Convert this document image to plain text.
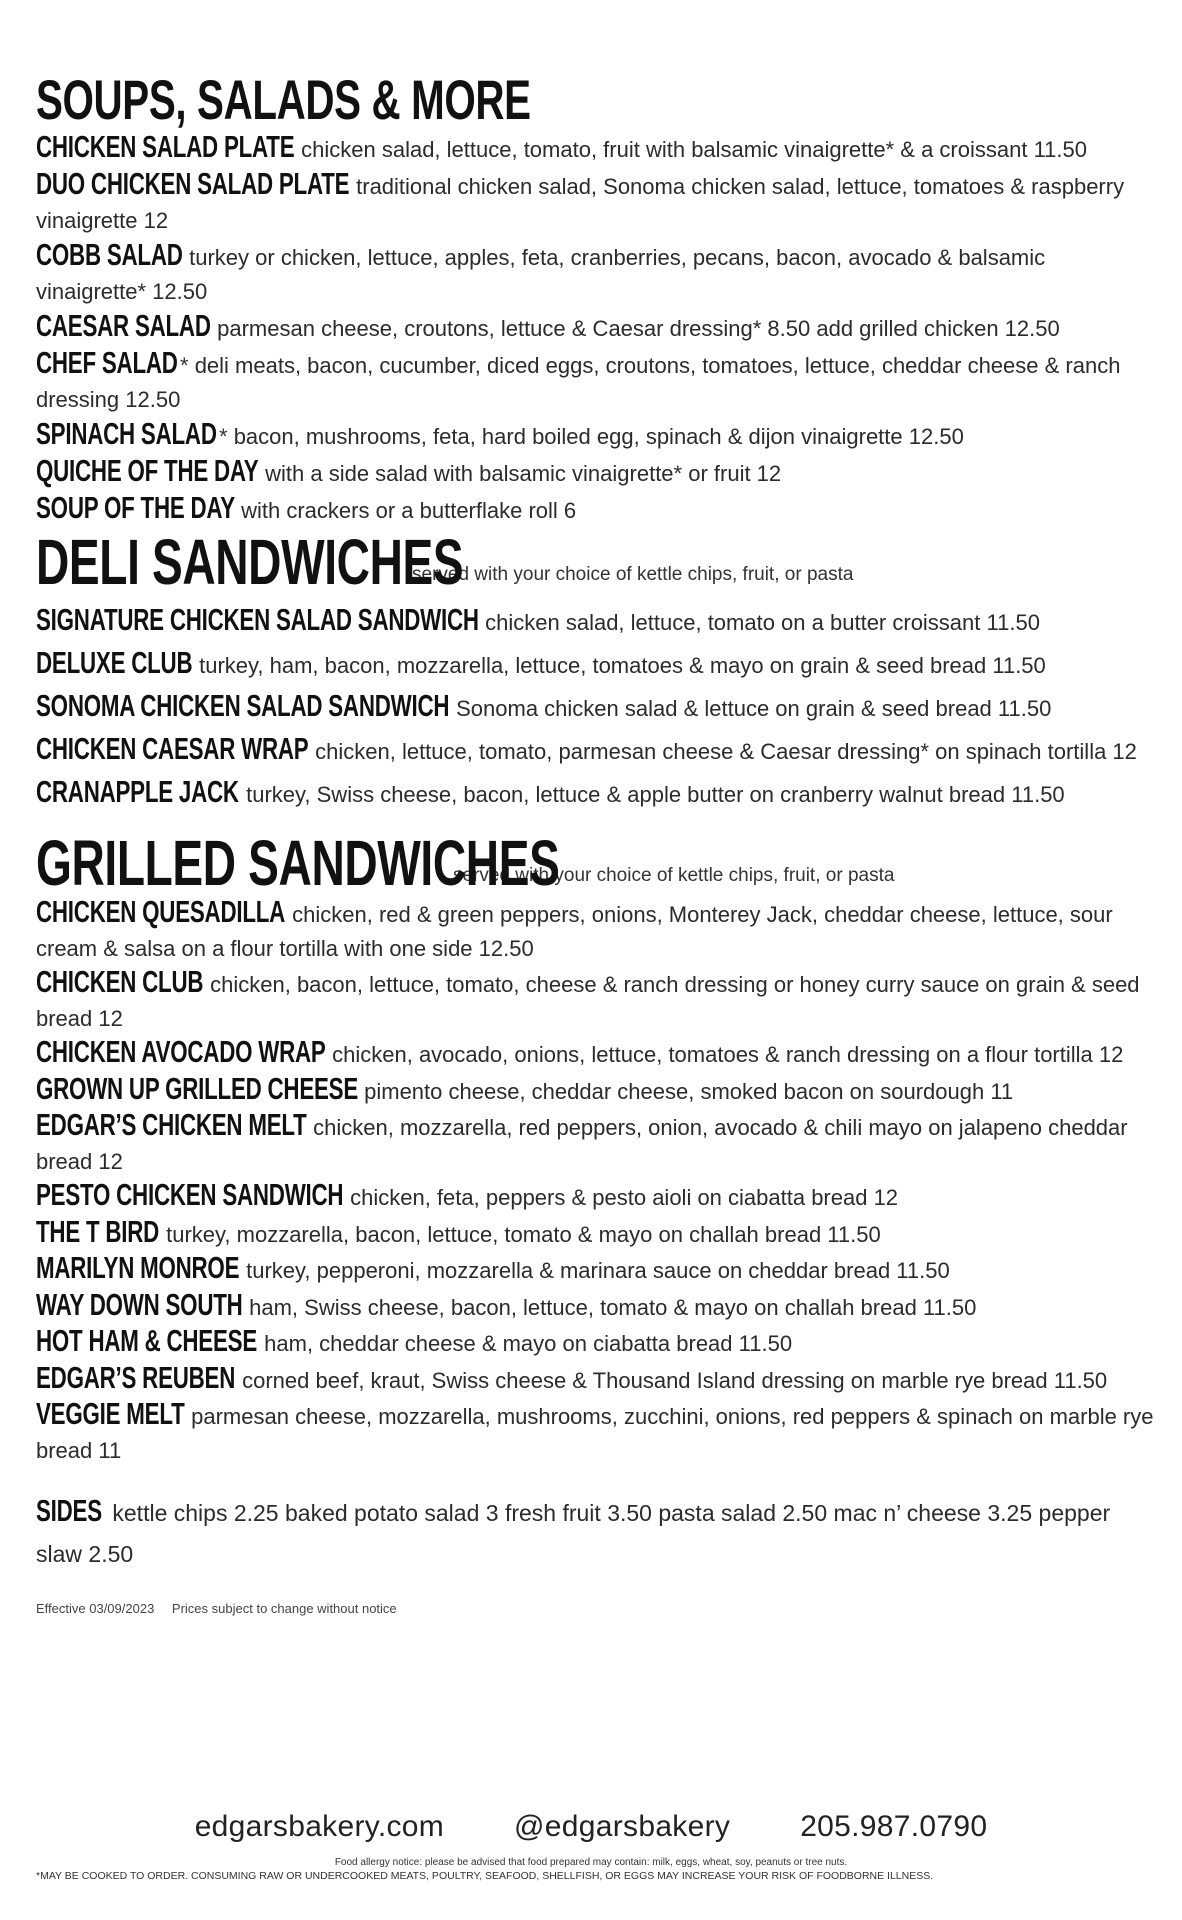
SOUPS, SALADS & MORE

CHICKEN SALAD PLATE chicken salad, lettuce, tomato, fruit with balsamic vinaigrette* & a croissant 11.50

DUO CHICKEN SALAD PLATE traditional chicken salad, Sonoma chicken salad, lettuce, tomatoes & raspberry vinaigrette 12

COBB SALAD turkey or chicken, lettuce, apples, feta, cranberries, pecans, bacon, avocado & balsamic vinaigrette* 12.50

CAESAR SALAD parmesan cheese, croutons, lettuce & Caesar dressing* 8.50 add grilled chicken 12.50

CHEF SALAD * deli meats, bacon, cucumber, diced eggs, croutons, tomatoes, lettuce, cheddar cheese & ranch dressing 12.50

SPINACH SALAD * bacon, mushrooms, feta, hard boiled egg, spinach & dijon vinaigrette 12.50

QUICHE OF THE DAY with a side salad with balsamic vinaigrette* or fruit 12

SOUP OF THE DAY with crackers or a butterflake roll 6

DELI SANDWICHES
served with your choice of kettle chips, fruit, or pasta

SIGNATURE CHICKEN SALAD SANDWICH chicken salad, lettuce, tomato on a butter croissant 11.50

DELUXE CLUB turkey, ham, bacon, mozzarella, lettuce, tomatoes & mayo on grain & seed bread 11.50

SONOMA CHICKEN SALAD SANDWICH Sonoma chicken salad & lettuce on grain & seed bread 11.50

CHICKEN CAESAR WRAP chicken, lettuce, tomato, parmesan cheese & Caesar dressing* on spinach tortilla 12

CRANAPPLE JACK turkey, Swiss cheese, bacon, lettuce & apple butter on cranberry walnut bread 11.50

GRILLED SANDWICHES
served with your choice of kettle chips, fruit, or pasta

CHICKEN QUESADILLA chicken, red & green peppers, onions, Monterey Jack, cheddar cheese, lettuce, sour cream & salsa on a flour tortilla with one side 12.50

CHICKEN CLUB chicken, bacon, lettuce, tomato, cheese & ranch dressing or honey curry sauce on grain & seed bread 12

CHICKEN AVOCADO WRAP chicken, avocado, onions, lettuce, tomatoes & ranch dressing on a flour tortilla 12

GROWN UP GRILLED CHEESE pimento cheese, cheddar cheese, smoked bacon on sourdough 11

EDGAR’S CHICKEN MELT chicken, mozzarella, red peppers, onion, avocado & chili mayo on jalapeno cheddar bread 12

PESTO CHICKEN SANDWICH chicken, feta, peppers & pesto aioli on ciabatta bread 12

THE T BIRD turkey, mozzarella, bacon, lettuce, tomato & mayo on challah bread 11.50

MARILYN MONROE turkey, pepperoni, mozzarella & marinara sauce on cheddar bread 11.50

WAY DOWN SOUTH ham, Swiss cheese, bacon, lettuce, tomato & mayo on challah bread 11.50

HOT HAM & CHEESE ham, cheddar cheese & mayo on ciabatta bread 11.50

EDGAR’S REUBEN corned beef, kraut, Swiss cheese & Thousand Island dressing on marble rye bread 11.50

VEGGIE MELT parmesan cheese, mozzarella, mushrooms, zucchini, onions, red peppers & spinach on marble rye bread 11

SIDES kettle chips 2.25 baked potato salad 3 fresh fruit 3.50 pasta salad 2.50 mac n’ cheese 3.25 pepper slaw 2.50

Effective 03/09/2023 Prices subject to change without notice
edgarsbakery.com @edgarsbakery 205.987.0790
Food allergy notice: please be advised that food prepared may contain: milk, eggs, wheat, soy, peanuts or tree nuts.
*MAY BE COOKED TO ORDER. CONSUMING RAW OR UNDERCOOKED MEATS, POULTRY, SEAFOOD, SHELLFISH, OR EGGS MAY INCREASE YOUR RISK OF FOODBORNE ILLNESS.
